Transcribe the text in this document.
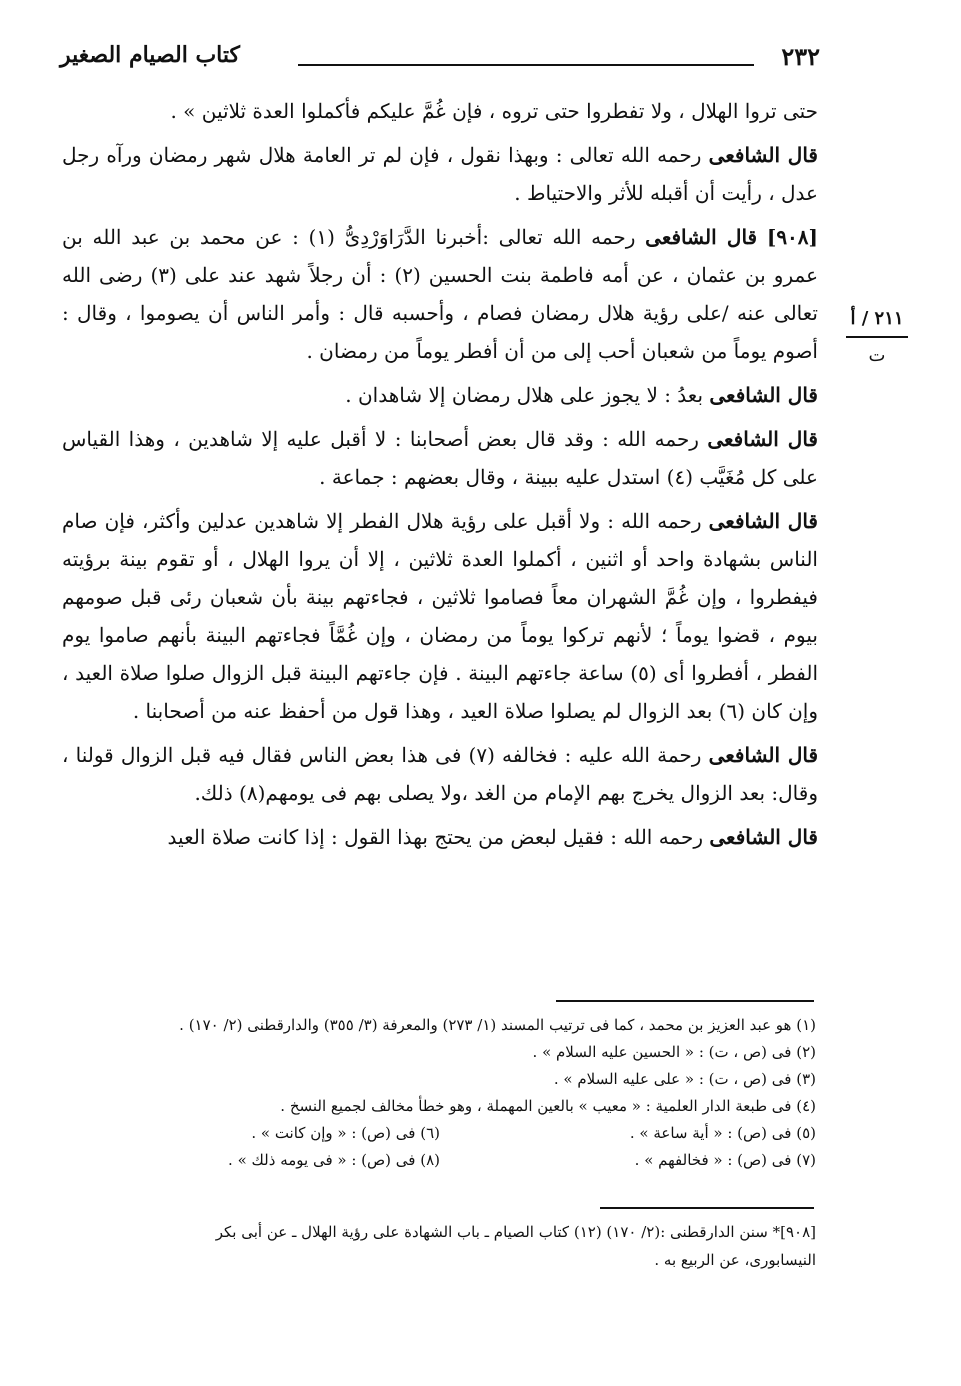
٢٣٢
كتاب الصيام الصغير

حتى تروا الهلال ، ولا تفطروا حتى تروه ، فإن غُمَّ عليكم فأكملوا العدة ثلاثين » .

قال الشافعى رحمه الله تعالى : وبهذا نقول ، فإن لم تر العامة هلال شهر رمضان ورآه رجل عدل ، رأيت أن أقبله للأثر والاحتياط .

[٩٠٨] قال الشافعى رحمه الله تعالى :أخبرنا الدَّرَاوَرْدِىُّ (١) : عن محمد بن عبد الله بن عمرو بن عثمان ، عن أمه فاطمة بنت الحسين (٢) : أن رجلاً شهد عند على (٣) رضى الله تعالى عنه /على رؤية هلال رمضان فصام ، وأحسبه قال : وأمر الناس أن يصوموا ، وقال : أصوم يوماً من شعبان أحب إلى من أن أفطر يوماً من رمضان .

قال الشافعى بعدُ : لا يجوز على هلال رمضان إلا شاهدان .

قال الشافعى رحمه الله : وقد قال بعض أصحابنا : لا أقبل عليه إلا شاهدين ، وهذا القياس على كل مُغَيَّب (٤) استدل عليه ببينة ، وقال بعضهم : جماعة .

قال الشافعى رحمه الله : ولا أقبل على رؤية هلال الفطر إلا شاهدين عدلين وأكثر، فإن صام الناس بشهادة واحد أو اثنين ، أكملوا العدة ثلاثين ، إلا أن يروا الهلال ، أو تقوم بينة برؤيته فيفطروا ، وإن غُمَّ الشهران معاً فصاموا ثلاثين ، فجاءتهم بينة بأن شعبان رئى قبل صومهم بيوم ، قضوا يوماً ؛ لأنهم تركوا يوماً من رمضان ، وإن غُمَّاً فجاءتهم البينة بأنهم صاموا يوم الفطر ، أفطروا أى (٥) ساعة جاءتهم البينة . فإن جاءتهم البينة قبل الزوال صلوا صلاة العيد ، وإن كان (٦) بعد الزوال لم يصلوا صلاة العيد ، وهذا قول من أحفظ عنه من أصحابنا .

قال الشافعى رحمة الله عليه : فخالفه (٧) فى هذا بعض الناس فقال فيه قبل الزوال قولنا ، وقال: بعد الزوال يخرج بهم الإمام من الغد ،ولا يصلى بهم فى يومهم(٨) ذلك.

قال الشافعى رحمه الله : فقيل لبعض من يحتج بهذا القول : إذا كانت صلاة العيد

٢١١ / أ
ت

(١) هو عبد العزيز بن محمد ، كما فى ترتيب المسند (١/ ٢٧٣) والمعرفة (٣/ ٣٥٥) والدارقطنى (٢/ ١٧٠) .

(٢) فى (ص ، ت) : « الحسين عليه السلام » .

(٣) فى (ص ، ت) : « على عليه السلام » .

(٤) فى طبعة الدار العلمية : « معيب » بالعين المهملة ، وهو خطأ مخالف لجميع النسخ .

(٥) فى (ص) : « أية ساعة » .

(٦) فى (ص) : « وإن كانت » .

(٧) فى (ص) : « فخالفهم » .

(٨) فى (ص) : « فى يومه ذلك » .

[٩٠٨]* سنن الدارقطنى :(٢/ ١٧٠) (١٢) كتاب الصيام ـ باب الشهادة على رؤية الهلال ـ عن أبى بكر

النيسابورى، عن الربيع به .
